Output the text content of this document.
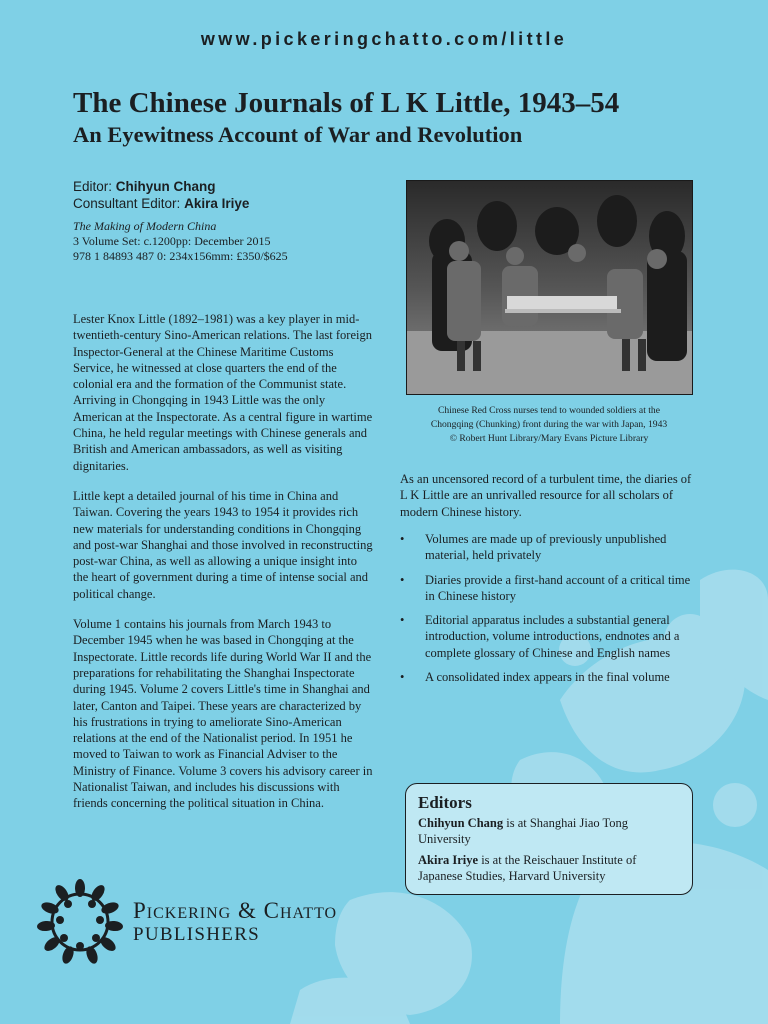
www.pickeringchatto.com/little
The Chinese Journals of L K Little, 1943–54
An Eyewitness Account of War and Revolution
Editor: Chihyun Chang
Consultant Editor: Akira Iriye
The Making of Modern China
3 Volume Set: c.1200pp: December 2015
978 1 84893 487 0: 234x156mm: £350/$625

Lester Knox Little (1892–1981) was a key player in mid-twentieth-century Sino-American relations. The last foreign Inspector-General at the Chinese Maritime Customs Service, he witnessed at close quarters the end of the colonial era and the formation of the Communist state. Arriving in Chongqing in 1943 Little was the only American at the Inspectorate. As a central figure in wartime China, he held regular meetings with Chinese generals and British and American ambassadors, as well as visiting dignitaries.

Little kept a detailed journal of his time in China and Taiwan. Covering the years 1943 to 1954 it provides rich new materials for understanding conditions in Chongqing and post-war Shanghai and those involved in reconstructing post-war China, as well as allowing a unique insight into the heart of government during a time of intense social and political change.

Volume 1 contains his journals from March 1943 to December 1945 when he was based in Chongqing at the Inspectorate. Little records life during World War II and the preparations for rehabilitating the Shanghai Inspectorate during 1945. Volume 2 covers Little's time in Shanghai and later, Canton and Taipei. These years are characterized by his frustrations in trying to ameliorate Sino-American relations at the end of the Nationalist period. In 1951 he moved to Taiwan to work as Financial Adviser to the Ministry of Finance. Volume 3 covers his advisory career in Nationalist Taiwan, and includes his discussions with friends concerning the political situation in China.

Chinese Red Cross nurses tend to wounded soldiers at the
Chongqing (Chunking) front during the war with Japan, 1943
© Robert Hunt Library/Mary Evans Picture Library
As an uncensored record of a turbulent time, the diaries of L K Little are an unrivalled resource for all scholars of modern Chinese history.
• Volumes are made up of previously unpublished material, held privately
• Diaries provide a first-hand account of a critical time in Chinese history
• Editorial apparatus includes a substantial general introduction, volume introductions, endnotes and a complete glossary of Chinese and English names
• A consolidated index appears in the final volume
Editors

Chihyun Chang is at Shanghai Jiao Tong University

Akira Iriye is at the Reischauer Institute of Japanese Studies, Harvard University

Pickering & Chatto
PUBLISHERS
